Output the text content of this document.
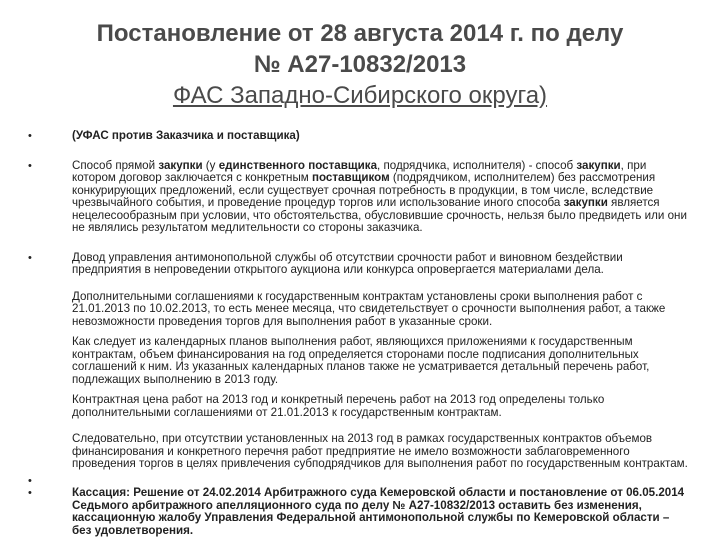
Постановление от 28 августа 2014 г. по делу

№ А27-10832/2013

ФАС Западно-Сибирского округа)

•	(УФАС против Заказчика и поставщика)

•	Способ прямой закупки (у единственного поставщика, подрядчика, исполнителя) - способ закупки, при котором договор заключается с конкретным поставщиком (подрядчиком, исполнителем) без рассмотрения конкурирующих предложений, если существует срочная потребность в продукции, в том числе, вследствие чрезвычайного события, и проведение процедур торгов или использование иного способа закупки является нецелесообразным при условии, что обстоятельства, обусловившие срочность, нельзя было предвидеть или они не являлись результатом медлительности со стороны заказчика.

•	Довод управления антимонопольной службы об отсутствии срочности работ и виновном бездействии предприятия в непроведении открытого аукциона или конкурса опровергается материалами дела.

Дополнительными соглашениями к государственным контрактам установлены сроки выполнения работ с 21.01.2013 по 10.02.2013, то есть менее месяца, что свидетельствует о срочности выполнения работ, а также невозможности проведения торгов для выполнения работ в указанные сроки.

Как следует из календарных планов выполнения работ, являющихся приложениями к государственным контрактам, объем финансирования на год определяется сторонами после подписания дополнительных соглашений к ним. Из указанных календарных планов также не усматривается детальный перечень работ, подлежащих выполнению в 2013 году.

Контрактная цена работ на 2013 год и конкретный перечень работ на 2013 год определены только дополнительными соглашениями от 21.01.2013 к государственным контрактам.

Следовательно, при отсутствии установленных на 2013 год в рамках государственных контрактов объемов финансирования и конкретного перечня работ предприятие не имело возможности заблаговременного проведения торгов в целях привлечения субподрядчиков для выполнения работ по государственным контрактам.

•
•	Кассация: Решение от 24.02.2014 Арбитражного суда Кемеровской области и постановление от 06.05.2014 Седьмого арбитражного апелляционного суда по делу № А27-10832/2013 оставить без изменения, кассационную жалобу Управления Федеральной антимонопольной службы по Кемеровской области – без удовлетворения.
